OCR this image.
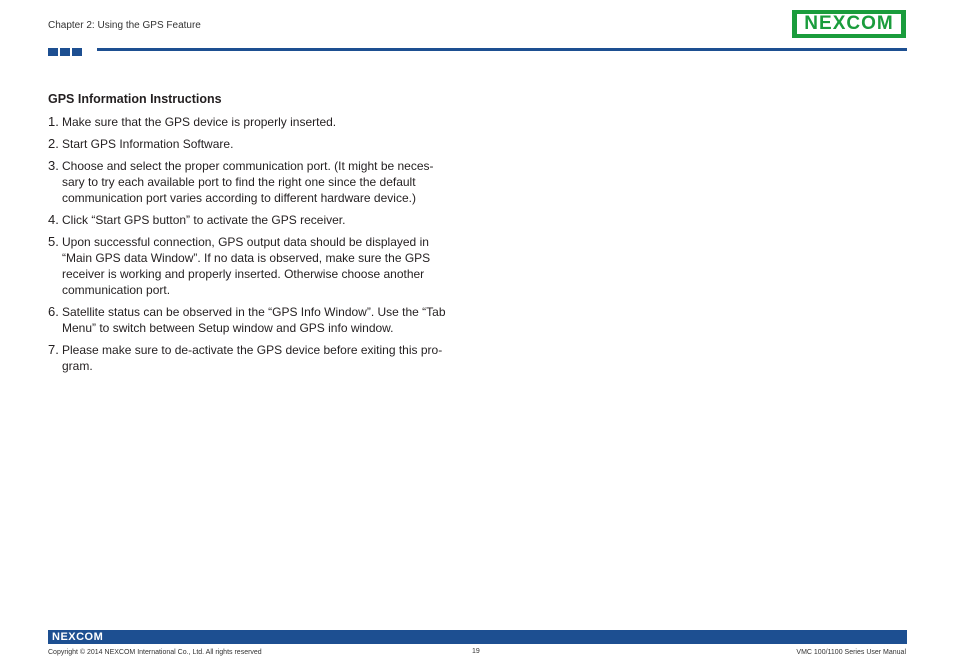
Chapter 2: Using the GPS Feature	NEXCOM
GPS Information Instructions
1. Make sure that the GPS device is properly inserted.
2. Start GPS Information Software.
3. Choose and select the proper communication port. (It might be neces- sary to try each available port to find the right one since the default communication port varies according to different hardware device.)
4. Click “Start GPS button” to activate the GPS receiver.
5. Upon successful connection, GPS output data should be displayed in “Main GPS data Window”. If no data is observed, make sure the GPS receiver is working and properly inserted. Otherwise choose another communication port.
6. Satellite status can be observed in the “GPS Info Window”. Use the “Tab Menu” to switch between Setup window and GPS info window.
7. Please make sure to de-activate the GPS device before exiting this pro- gram.
NEXCOM
Copyright © 2014 NEXCOM International Co., Ltd. All rights reserved	19	VMC 100/1100 Series User Manual
